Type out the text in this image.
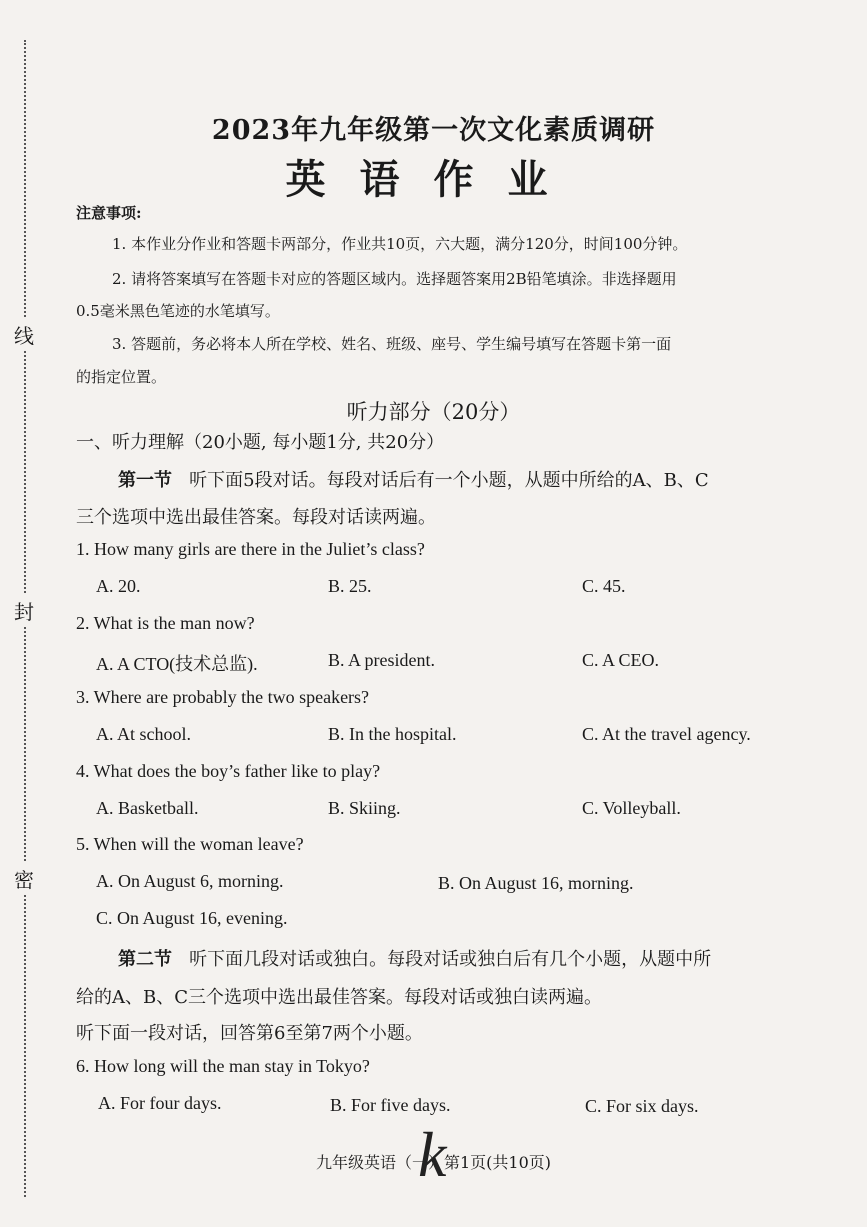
线
封
密
2023年九年级第一次文化素质调研
英语作业
注意事项:
1. 本作业分作业和答题卡两部分，作业共10页，六大题，满分120分，时间100分钟。
2. 请将答案填写在答题卡对应的答题区域内。选择题答案用2B铅笔填涂。非选择题用
0.5毫米黑色笔迹的水笔填写。
3. 答题前，务必将本人所在学校、姓名、班级、座号、学生编号填写在答题卡第一面
的指定位置。
听力部分（20分）
一、听力理解（20小题, 每小题1分, 共20分）
第一节 听下面5段对话。每段对话后有一个小题，从题中所给的A、B、C
三个选项中选出最佳答案。每段对话读两遍。
1. How many girls are there in the Juliet’s class?
A. 20.	B. 25.	C. 45.
2. What is the man now?
A. A CTO(技术总监).	B. A president.	C. A CEO.
3. Where are probably the two speakers?
A. At school.	B. In the hospital.	C. At the travel agency.
4. What does the boy’s father like to play?
A. Basketball.	B. Skiing.	C. Volleyball.
5. When will the woman leave?
A. On August 6, morning.	B. On August 16, morning.
C. On August 16, evening.
第二节 听下面几段对话或独白。每段对话或独白后有几个小题，从题中所
给的A、B、C三个选项中选出最佳答案。每段对话或独白读两遍。
听下面一段对话，回答第6至第7两个小题。
6. How long will the man stay in Tokyo?
A. For four days.	B. For five days.	C. For six days.
九年级英语（一）第1页(共10页)
k
